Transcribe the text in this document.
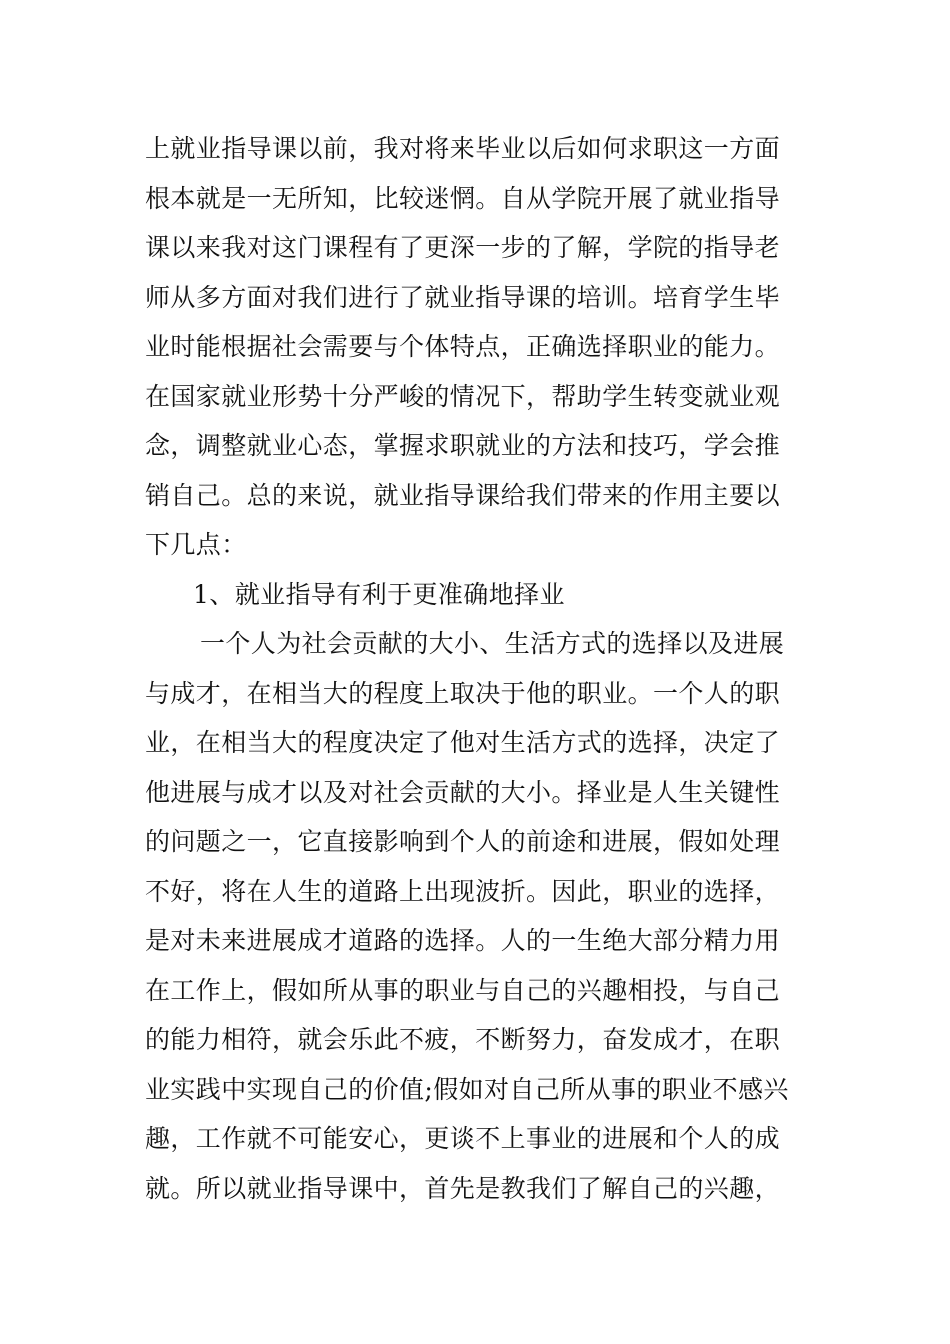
上就业指导课以前，我对将来毕业以后如何求职这一方面
根本就是一无所知，比较迷惘。自从学院开展了就业指导
课以来我对这门课程有了更深一步的了解，学院的指导老
师从多方面对我们进行了就业指导课的培训。培育学生毕
业时能根据社会需要与个体特点，正确选择职业的能力。
在国家就业形势十分严峻的情况下，帮助学生转变就业观
念，调整就业心态，掌握求职就业的方法和技巧，学会推
销自己。总的来说，就业指导课给我们带来的作用主要以
下几点：
1、就业指导有利于更准确地择业
一个人为社会贡献的大小、生活方式的选择以及进展
与成才，在相当大的程度上取决于他的职业。一个人的职
业，在相当大的程度决定了他对生活方式的选择，决定了
他进展与成才以及对社会贡献的大小。择业是人生关键性
的问题之一，它直接影响到个人的前途和进展，假如处理
不好，将在人生的道路上出现波折。因此，职业的选择，
是对未来进展成才道路的选择。人的一生绝大部分精力用
在工作上，假如所从事的职业与自己的兴趣相投，与自己
的能力相符，就会乐此不疲，不断努力，奋发成才，在职
业实践中实现自己的价值;假如对自己所从事的职业不感兴
趣，工作就不可能安心，更谈不上事业的进展和个人的成
就。所以就业指导课中，首先是教我们了解自己的兴趣，
